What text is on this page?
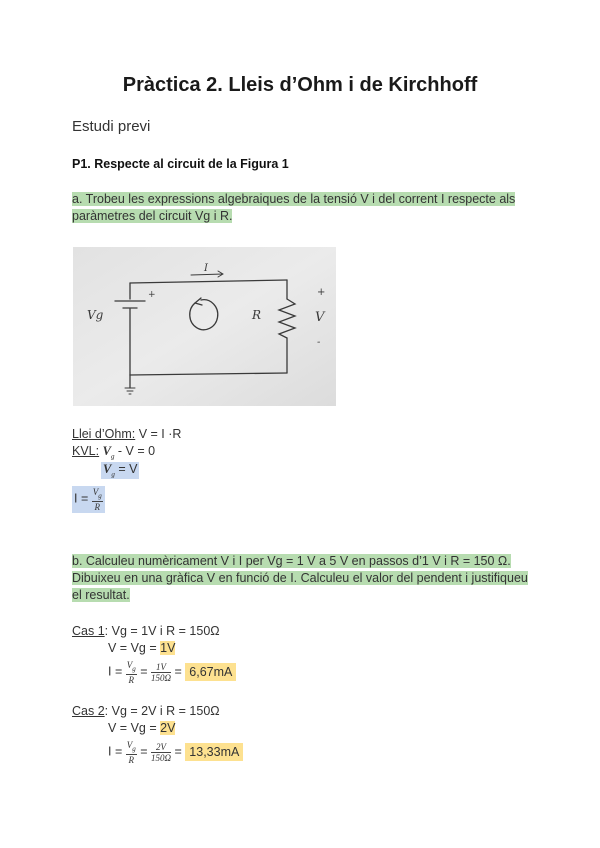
Pràctica 2. Lleis d’Ohm i de Kirchhoff
Estudi previ
P1. Respecte al circuit de la Figura 1
a. Trobeu les expressions algebraiques de la tensió V i del corrent I respecte als paràmetres del circuit Vg i R.
Vg	R	V
I
+	+
-
Llei d’Ohm: V = I ·R
KVL: $V_g - V = 0$
$V_g = V$
$I = \frac{V_g}{R}$
b. Calculeu numèricament V i I per Vg = 1 V a 5 V en passos d’1 V i R = 150 Ω. Dibuixeu en una gràfica V en funció de I. Calculeu el valor del pendent i justifiqueu el resultat.
Cas 1: Vg = 1V i R = 150Ω
V = Vg = 1V
$I = \frac{V_g}{R} = \frac{1V}{150\Omega} = 6,67mA$
Cas 2: Vg = 2V i R = 150Ω
V = Vg = 2V
$I = \frac{V_g}{R} = \frac{2V}{150\Omega} = 13,33mA$
